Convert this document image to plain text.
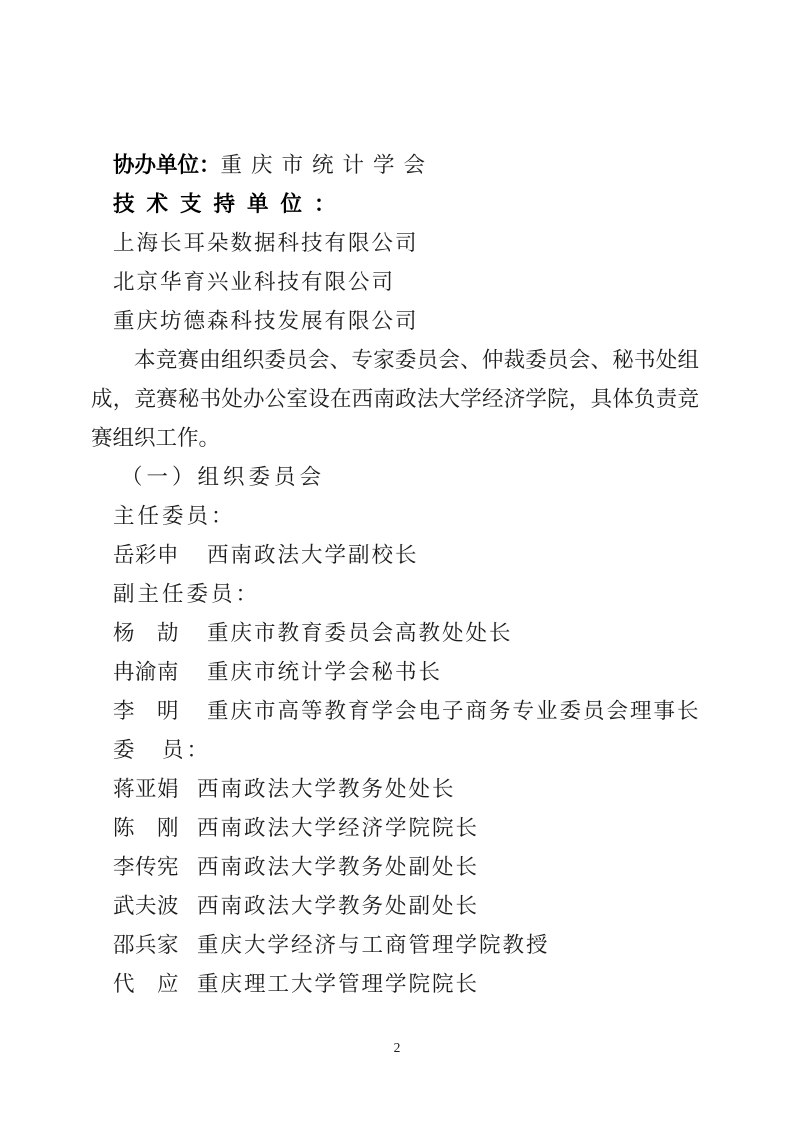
协办单位：重庆市统计学会
技术支持单位：
上海长耳朵数据科技有限公司
北京华育兴业科技有限公司
重庆坊德森科技发展有限公司
本竞赛由组织委员会、专家委员会、仲裁委员会、秘书处组
成，竞赛秘书处办公室设在西南政法大学经济学院，具体负责竞
赛组织工作。
（一）组织委员会
主任委员：
岳彩申 西南政法大学副校长
副主任委员：
杨　劼 重庆市教育委员会高教处处长
冉渝南 重庆市统计学会秘书长
李　明 重庆市高等教育学会电子商务专业委员会理事长
委　员：
蒋亚娟 西南政法大学教务处处长
陈　刚 西南政法大学经济学院院长
李传宪 西南政法大学教务处副处长
武夫波 西南政法大学教务处副处长
邵兵家 重庆大学经济与工商管理学院教授
代　应 重庆理工大学管理学院院长
2
